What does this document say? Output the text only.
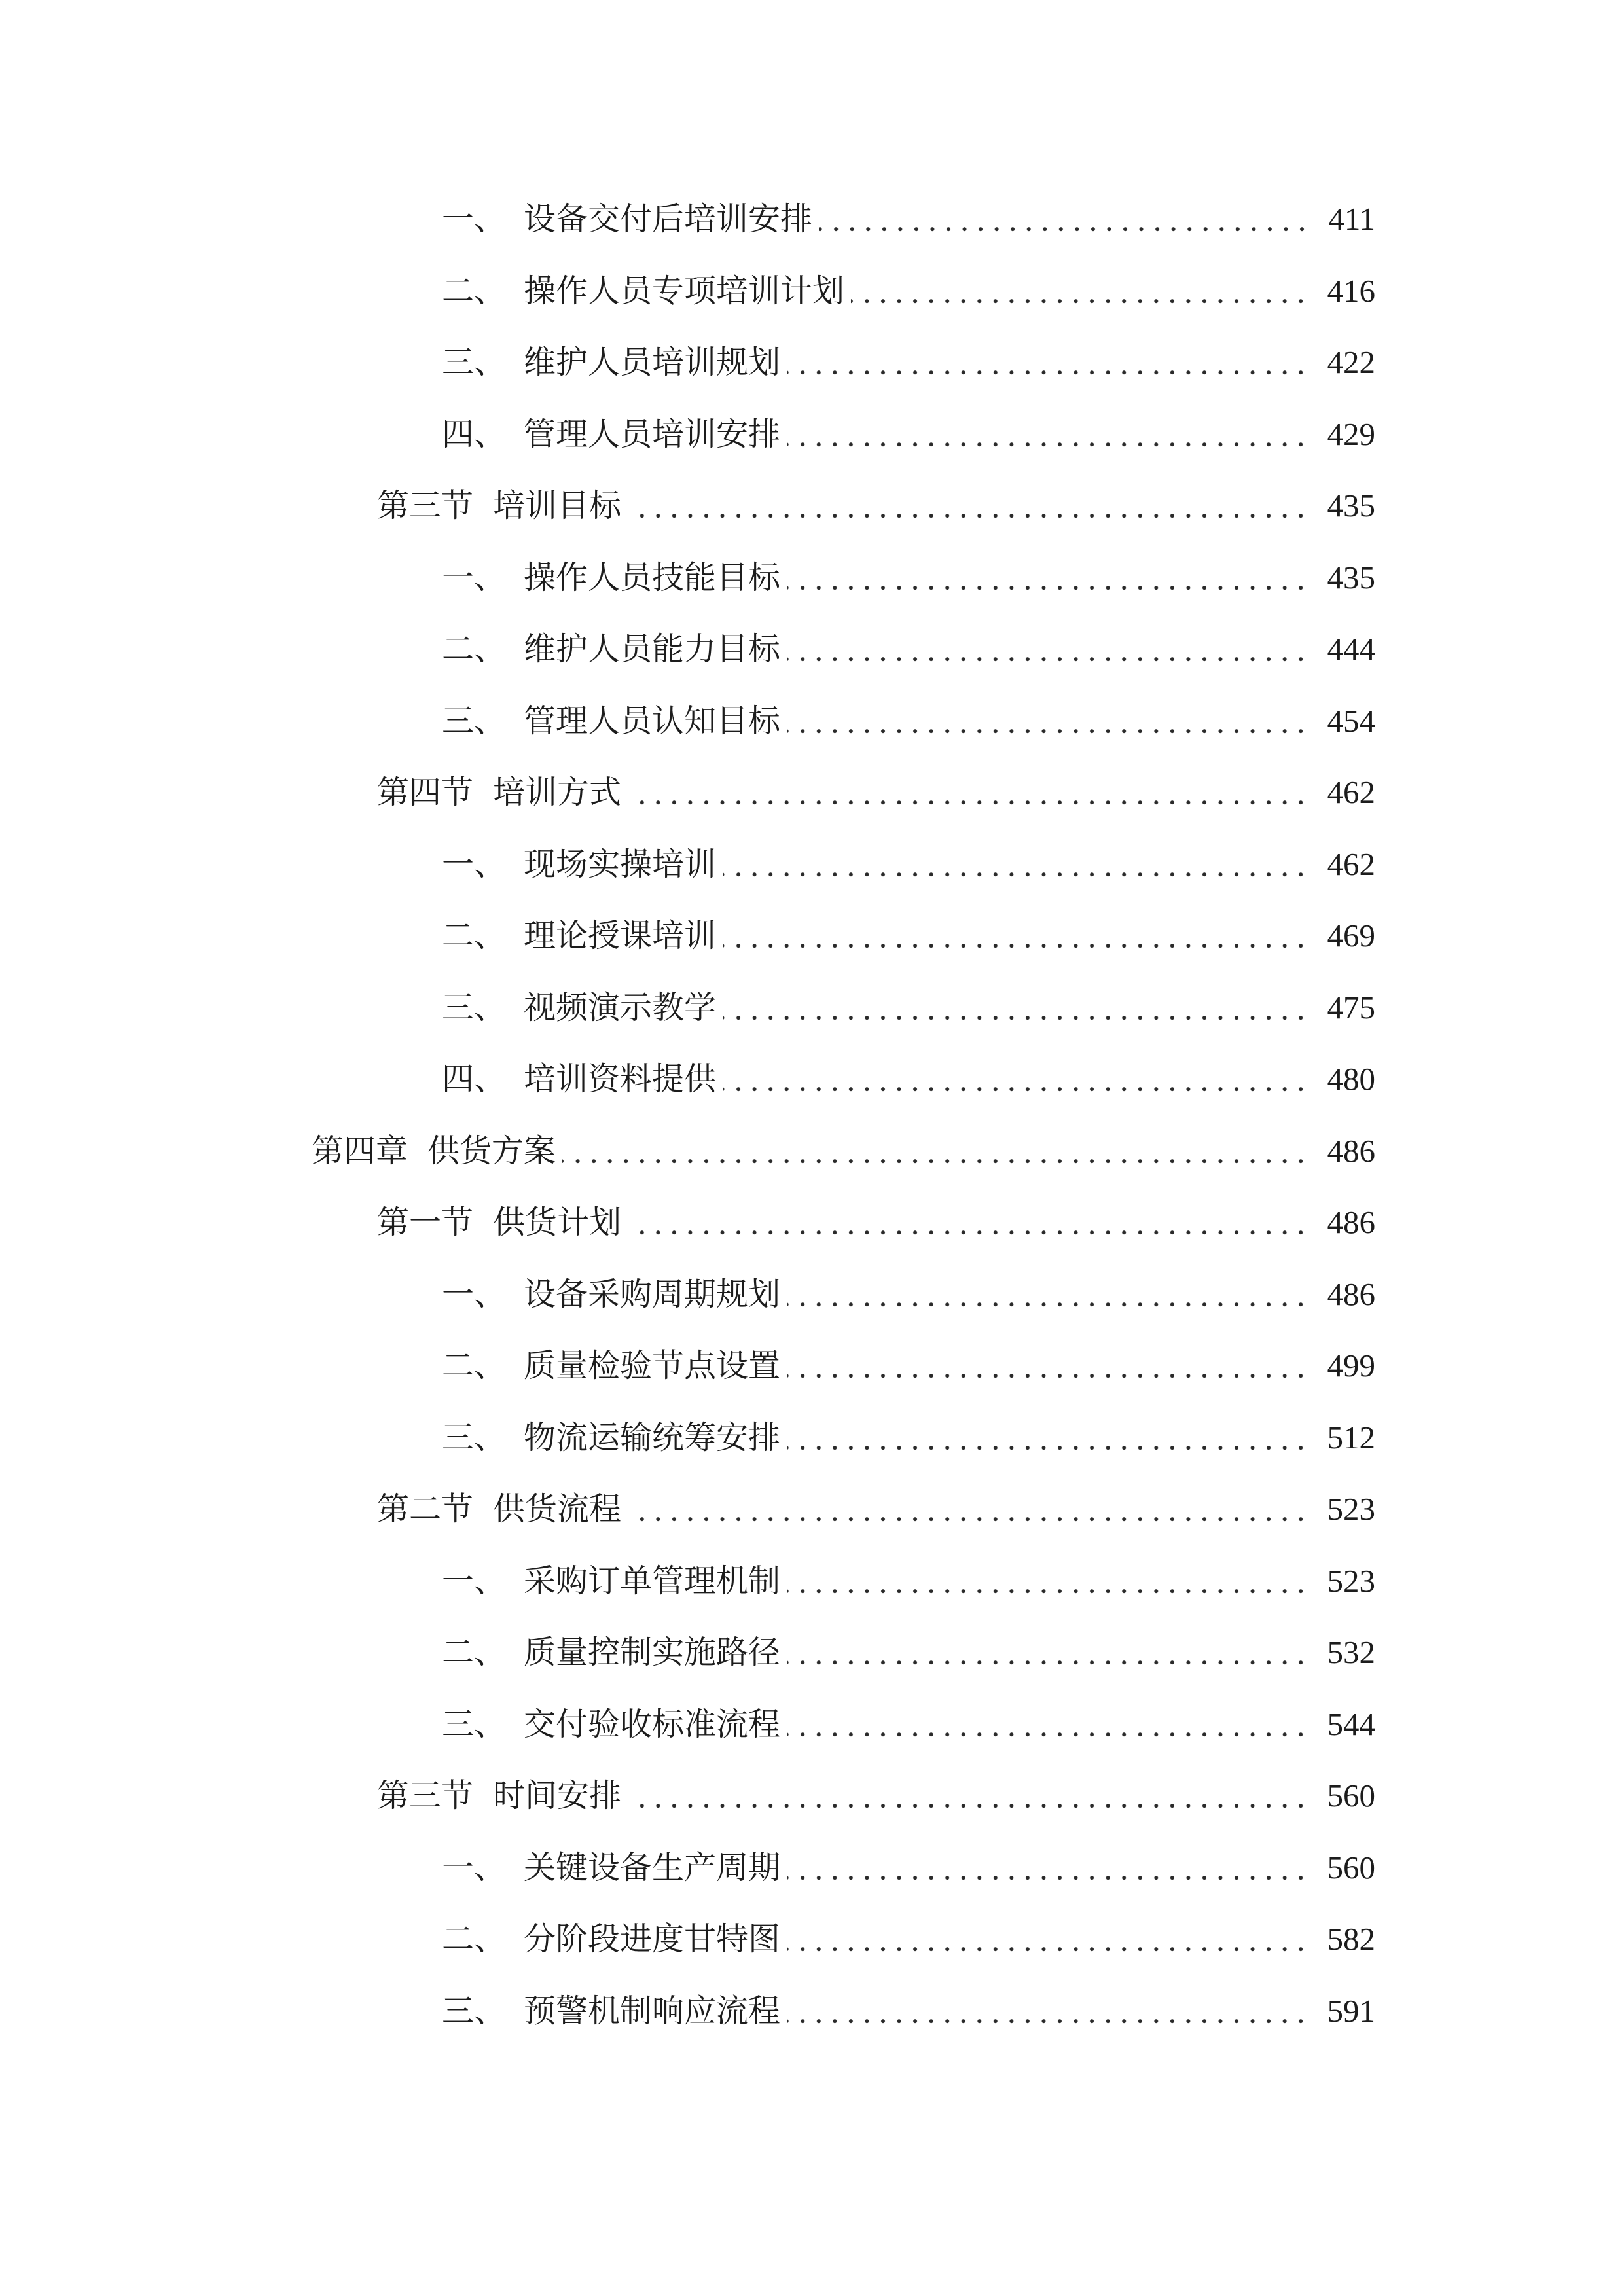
一、 设备交付后培训安排	411
二、 操作人员专项培训计划	416
三、 维护人员培训规划	422
四、 管理人员培训安排	429
第三节 培训目标	435
一、 操作人员技能目标	435
二、 维护人员能力目标	444
三、 管理人员认知目标	454
第四节 培训方式	462
一、 现场实操培训	462
二、 理论授课培训	469
三、 视频演示教学	475
四、 培训资料提供	480
第四章 供货方案	486
第一节 供货计划	486
一、 设备采购周期规划	486
二、 质量检验节点设置	499
三、 物流运输统筹安排	512
第二节 供货流程	523
一、 采购订单管理机制	523
二、 质量控制实施路径	532
三、 交付验收标准流程	544
第三节 时间安排	560
一、 关键设备生产周期	560
二、 分阶段进度甘特图	582
三、 预警机制响应流程	591
